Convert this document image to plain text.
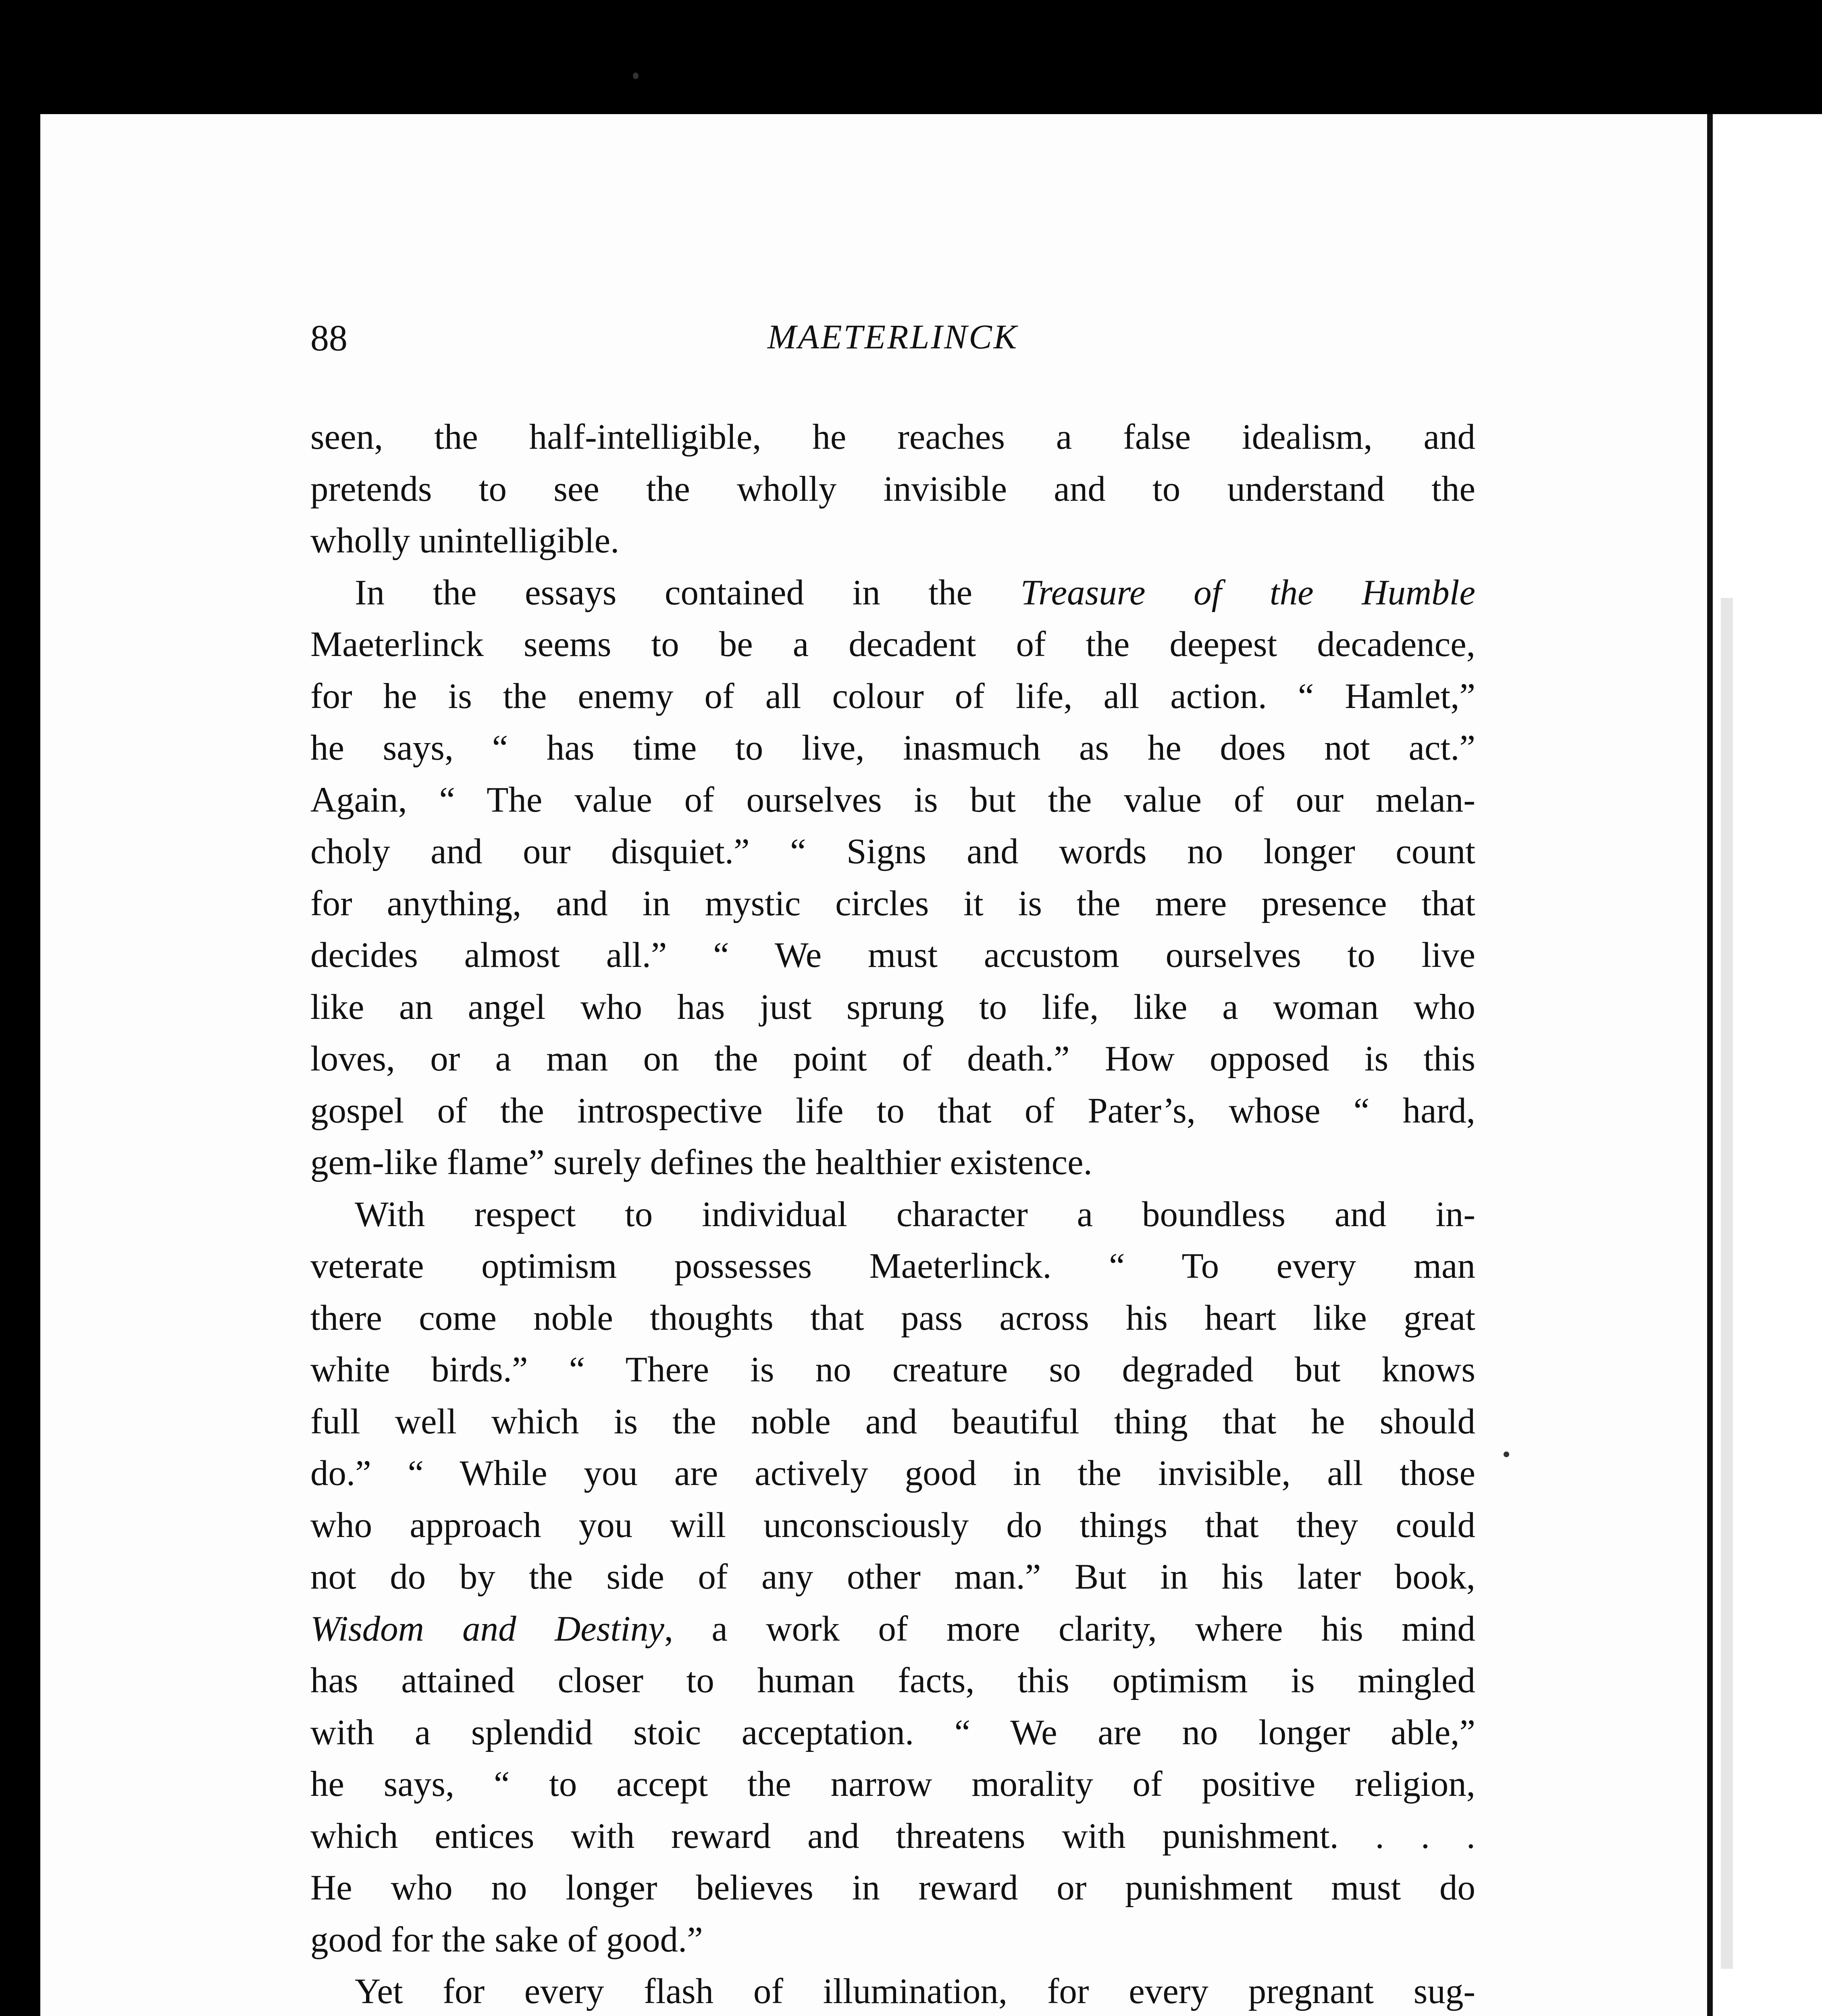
88	MAETERLINCK

seen, the half-intelligible, he reaches a false idealism, and
pretends to see the wholly invisible and to understand the
wholly unintelligible.

In the essays contained in the Treasure of the Humble
Maeterlinck seems to be a decadent of the deepest decadence,
for he is the enemy of all colour of life, all action. “ Hamlet,”
he says, “ has time to live, inasmuch as he does not act.”
Again, “ The value of ourselves is but the value of our melan-
choly and our disquiet.” “ Signs and words no longer count
for anything, and in mystic circles it is the mere presence that
decides almost all.” “ We must accustom ourselves to live
like an angel who has just sprung to life, like a woman who
loves, or a man on the point of death.” How opposed is this
gospel of the introspective life to that of Pater’s, whose “ hard,
gem-like flame” surely defines the healthier existence.

With respect to individual character a boundless and in-
veterate optimism possesses Maeterlinck. “ To every man
there come noble thoughts that pass across his heart like great
white birds.” “ There is no creature so degraded but knows
full well which is the noble and beautiful thing that he should
do.” “ While you are actively good in the invisible, all those
who approach you will unconsciously do things that they could
not do by the side of any other man.” But in his later book,
Wisdom and Destiny, a work of more clarity, where his mind
has attained closer to human facts, this optimism is mingled
with a splendid stoic acceptation. “ We are no longer able,”
he says, “ to accept the narrow morality of positive religion,
which entices with reward and threatens with punishment. . . .
He who no longer believes in reward or punishment must do
good for the sake of good.”

Yet for every flash of illumination, for every pregnant sug-
